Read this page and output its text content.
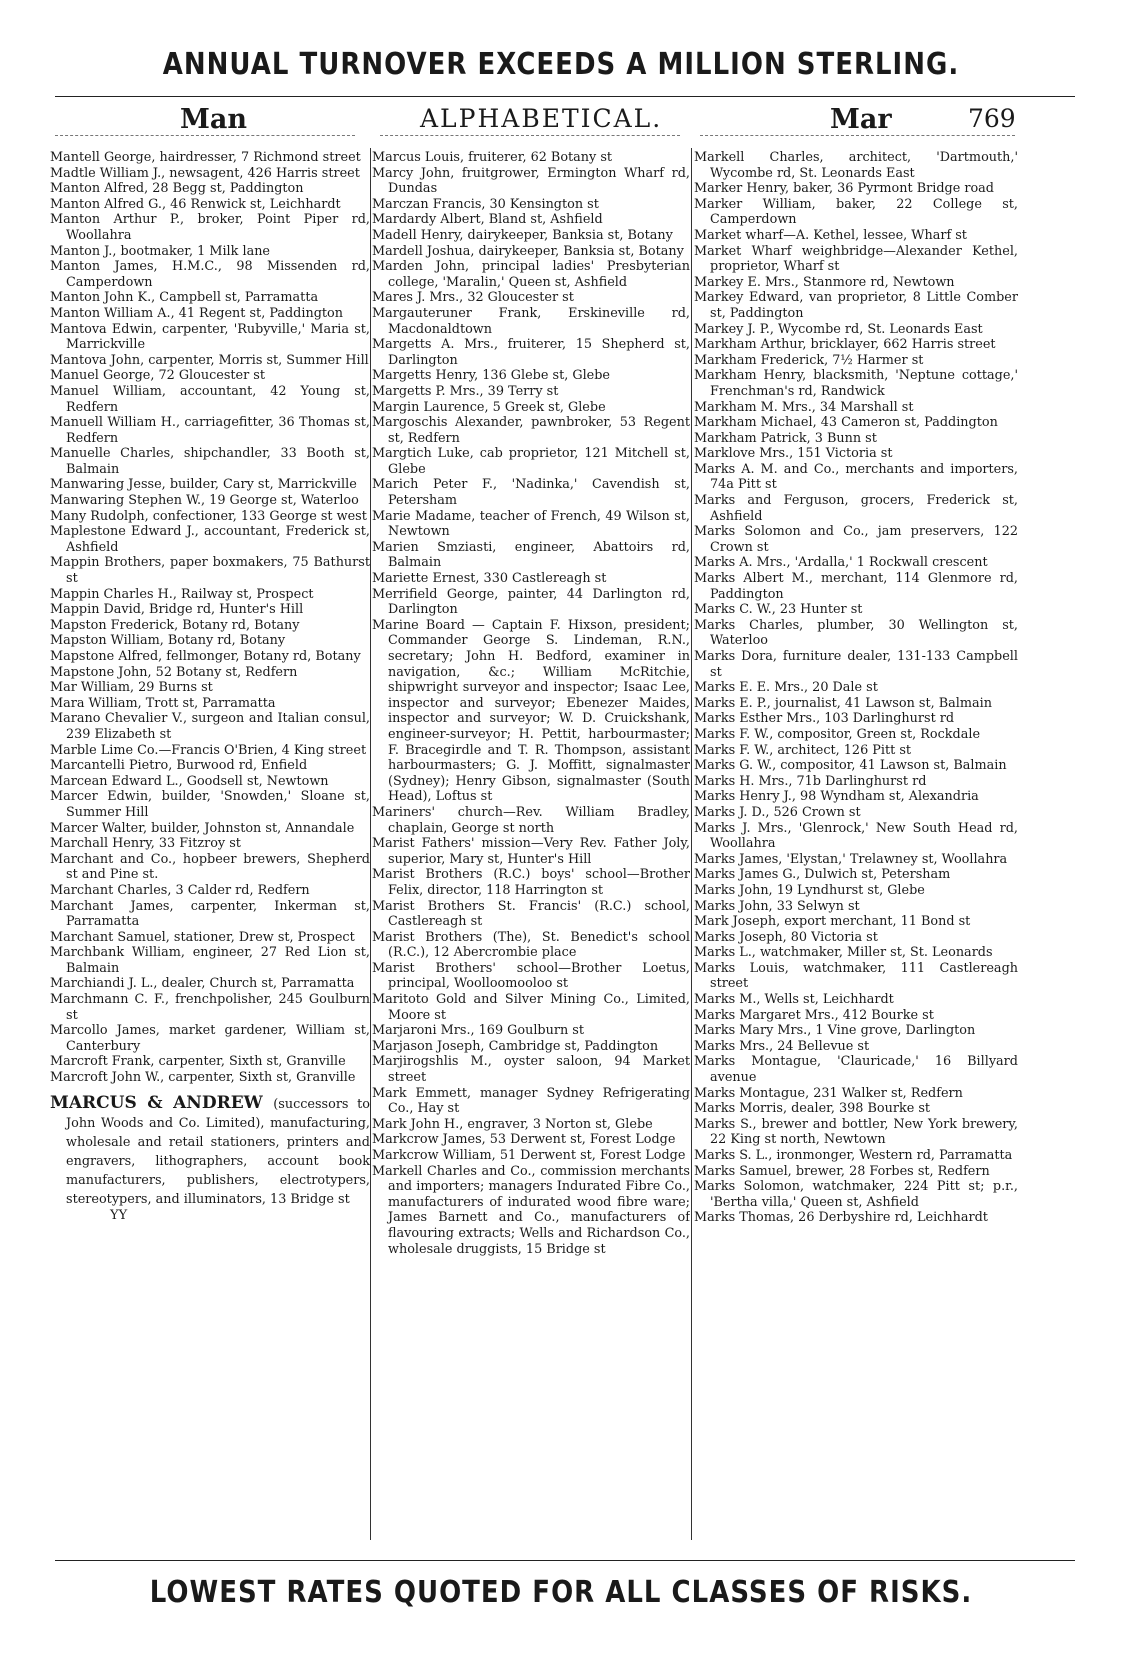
ANNUAL TURNOVER EXCEEDS A MILLION STERLING.
Man	ALPHABETICAL.	Mar	769

Mantell George, hairdresser, 7 Richmond street

Madtle William J., newsagent, 426 Harris street

Manton Alfred, 28 Begg st, Paddington

Manton Alfred G., 46 Renwick st, Leichhardt

Manton Arthur P., broker, Point Piper rd, Woollahra

Manton J., bootmaker, 1 Milk lane

Manton James, H.M.C., 98 Missenden rd, Camperdown

Manton John K., Campbell st, Parramatta

Manton William A., 41 Regent st, Paddington

Mantova Edwin, carpenter, 'Rubyville,' Maria st, Marrickville

Mantova John, carpenter, Morris st, Summer Hill

Manuel George, 72 Gloucester st

Manuel William, accountant, 42 Young st, Redfern

Manuell William H., carriagefitter, 36 Thomas st, Redfern

Manuelle Charles, shipchandler, 33 Booth st, Balmain

Manwaring Jesse, builder, Cary st, Marrickville

Manwaring Stephen W., 19 George st, Waterloo

Many Rudolph, confectioner, 133 George st west

Maplestone Edward J., accountant, Frederick st, Ashfield

Mappin Brothers, paper boxmakers, 75 Bathurst st

Mappin Charles H., Railway st, Prospect

Mappin David, Bridge rd, Hunter's Hill

Mapston Frederick, Botany rd, Botany

Mapston William, Botany rd, Botany

Mapstone Alfred, fellmonger, Botany rd, Botany

Mapstone John, 52 Botany st, Redfern

Mar William, 29 Burns st

Mara William, Trott st, Parramatta

Marano Chevalier V., surgeon and Italian consul, 239 Elizabeth st

Marble Lime Co.—Francis O'Brien, 4 King street

Marcantelli Pietro, Burwood rd, Enfield

Marcean Edward L., Goodsell st, Newtown

Marcer Edwin, builder, 'Snowden,' Sloane st, Summer Hill

Marcer Walter, builder, Johnston st, Annandale

Marchall Henry, 33 Fitzroy st

Marchant and Co., hopbeer brewers, Shepherd st and Pine st.

Marchant Charles, 3 Calder rd, Redfern

Marchant James, carpenter, Inkerman st, Parramatta

Marchant Samuel, stationer, Drew st, Prospect

Marchbank William, engineer, 27 Red Lion st, Balmain

Marchiandi J. L., dealer, Church st, Parramatta

Marchmann C. F., frenchpolisher, 245 Goulburn st

Marcollo James, market gardener, William st, Canterbury

Marcroft Frank, carpenter, Sixth st, Granville

Marcroft John W., carpenter, Sixth st, Granville

MARCUS & ANDREW (successors to John Woods and Co. Limited), manufacturing, wholesale and retail stationers, printers and engravers, lithographers, account book manufacturers, publishers, electrotypers, stereotypers, and illuminators, 13 Bridge st

YY

Marcus Louis, fruiterer, 62 Botany st

Marcy John, fruitgrower, Ermington Wharf rd, Dundas

Marczan Francis, 30 Kensington st

Mardardy Albert, Bland st, Ashfield

Madell Henry, dairykeeper, Banksia st, Botany

Mardell Joshua, dairykeeper, Banksia st, Botany

Marden John, principal ladies' Presbyterian college, 'Maralin,' Queen st, Ashfield

Mares J. Mrs., 32 Gloucester st

Margauteruner Frank, Erskineville rd, Macdonaldtown

Margetts A. Mrs., fruiterer, 15 Shepherd st, Darlington

Margetts Henry, 136 Glebe st, Glebe

Margetts P. Mrs., 39 Terry st

Margin Laurence, 5 Greek st, Glebe

Margoschis Alexander, pawnbroker, 53 Regent st, Redfern

Margtich Luke, cab proprietor, 121 Mitchell st, Glebe

Marich Peter F., 'Nadinka,' Cavendish st, Petersham

Marie Madame, teacher of French, 49 Wilson st, Newtown

Marien Smziasti, engineer, Abattoirs rd, Balmain

Mariette Ernest, 330 Castlereagh st

Merrifield George, painter, 44 Darlington rd, Darlington

Marine Board — Captain F. Hixson, president; Commander George S. Lindeman, R.N., secretary; John H. Bedford, examiner in navigation, &c.; William McRitchie, shipwright surveyor and inspector; Isaac Lee, inspector and surveyor; Ebenezer Maides, inspector and surveyor; W. D. Cruickshank, engineer-surveyor; H. Pettit, harbourmaster; F. Bracegirdle and T. R. Thompson, assistant harbourmasters; G. J. Moffitt, signalmaster (Sydney); Henry Gibson, signalmaster (South Head), Loftus st

Mariners' church—Rev. William Bradley, chaplain, George st north

Marist Fathers' mission—Very Rev. Father Joly, superior, Mary st, Hunter's Hill

Marist Brothers (R.C.) boys' school—Brother Felix, director, 118 Harrington st

Marist Brothers St. Francis' (R.C.) school, Castlereagh st

Marist Brothers (The), St. Benedict's school (R.C.), 12 Abercrombie place

Marist Brothers' school—Brother Loetus, principal, Woolloomooloo st

Maritoto Gold and Silver Mining Co., Limited, Moore st

Marjaroni Mrs., 169 Goulburn st

Marjason Joseph, Cambridge st, Paddington

Marjirogshlis M., oyster saloon, 94 Market street

Mark Emmett, manager Sydney Refrigerating Co., Hay st

Mark John H., engraver, 3 Norton st, Glebe

Markcrow James, 53 Derwent st, Forest Lodge

Markcrow William, 51 Derwent st, Forest Lodge

Markell Charles and Co., commission merchants and importers; managers Indurated Fibre Co., manufacturers of indurated wood fibre ware; James Barnett and Co., manufacturers of flavouring extracts; Wells and Richardson Co., wholesale druggists, 15 Bridge st

Markell Charles, architect, 'Dartmouth,' Wycombe rd, St. Leonards East

Marker Henry, baker, 36 Pyrmont Bridge road

Marker William, baker, 22 College st, Camperdown

Market wharf—A. Kethel, lessee, Wharf st

Market Wharf weighbridge—Alexander Kethel, proprietor, Wharf st

Markey E. Mrs., Stanmore rd, Newtown

Markey Edward, van proprietor, 8 Little Comber st, Paddington

Markey J. P., Wycombe rd, St. Leonards East

Markham Arthur, bricklayer, 662 Harris street

Markham Frederick, 7½ Harmer st

Markham Henry, blacksmith, 'Neptune cottage,' Frenchman's rd, Randwick

Markham M. Mrs., 34 Marshall st

Markham Michael, 43 Cameron st, Paddington

Markham Patrick, 3 Bunn st

Marklove Mrs., 151 Victoria st

Marks A. M. and Co., merchants and importers, 74a Pitt st

Marks and Ferguson, grocers, Frederick st, Ashfield

Marks Solomon and Co., jam preservers, 122 Crown st

Marks A. Mrs., 'Ardalla,' 1 Rockwall crescent

Marks Albert M., merchant, 114 Glenmore rd, Paddington

Marks C. W., 23 Hunter st

Marks Charles, plumber, 30 Wellington st, Waterloo

Marks Dora, furniture dealer, 131-133 Campbell st

Marks E. E. Mrs., 20 Dale st

Marks E. P., journalist, 41 Lawson st, Balmain

Marks Esther Mrs., 103 Darlinghurst rd

Marks F. W., compositor, Green st, Rockdale

Marks F. W., architect, 126 Pitt st

Marks G. W., compositor, 41 Lawson st, Balmain

Marks H. Mrs., 71b Darlinghurst rd

Marks Henry J., 98 Wyndham st, Alexandria

Marks J. D., 526 Crown st

Marks J. Mrs., 'Glenrock,' New South Head rd, Woollahra

Marks James, 'Elystan,' Trelawney st, Woollahra

Marks James G., Dulwich st, Petersham

Marks John, 19 Lyndhurst st, Glebe

Marks John, 33 Selwyn st

Mark Joseph, export merchant, 11 Bond st

Marks Joseph, 80 Victoria st

Marks L., watchmaker, Miller st, St. Leonards

Marks Louis, watchmaker, 111 Castlereagh street

Marks M., Wells st, Leichhardt

Marks Margaret Mrs., 412 Bourke st

Marks Mary Mrs., 1 Vine grove, Darlington

Marks Mrs., 24 Bellevue st

Marks Montague, 'Clauricade,' 16 Billyard avenue

Marks Montague, 231 Walker st, Redfern

Marks Morris, dealer, 398 Bourke st

Marks S., brewer and bottler, New York brewery, 22 King st north, Newtown

Marks S. L., ironmonger, Western rd, Parramatta

Marks Samuel, brewer, 28 Forbes st, Redfern

Marks Solomon, watchmaker, 224 Pitt st; p.r., 'Bertha villa,' Queen st, Ashfield

Marks Thomas, 26 Derbyshire rd, Leichhardt

LOWEST RATES QUOTED FOR ALL CLASSES OF RISKS.
